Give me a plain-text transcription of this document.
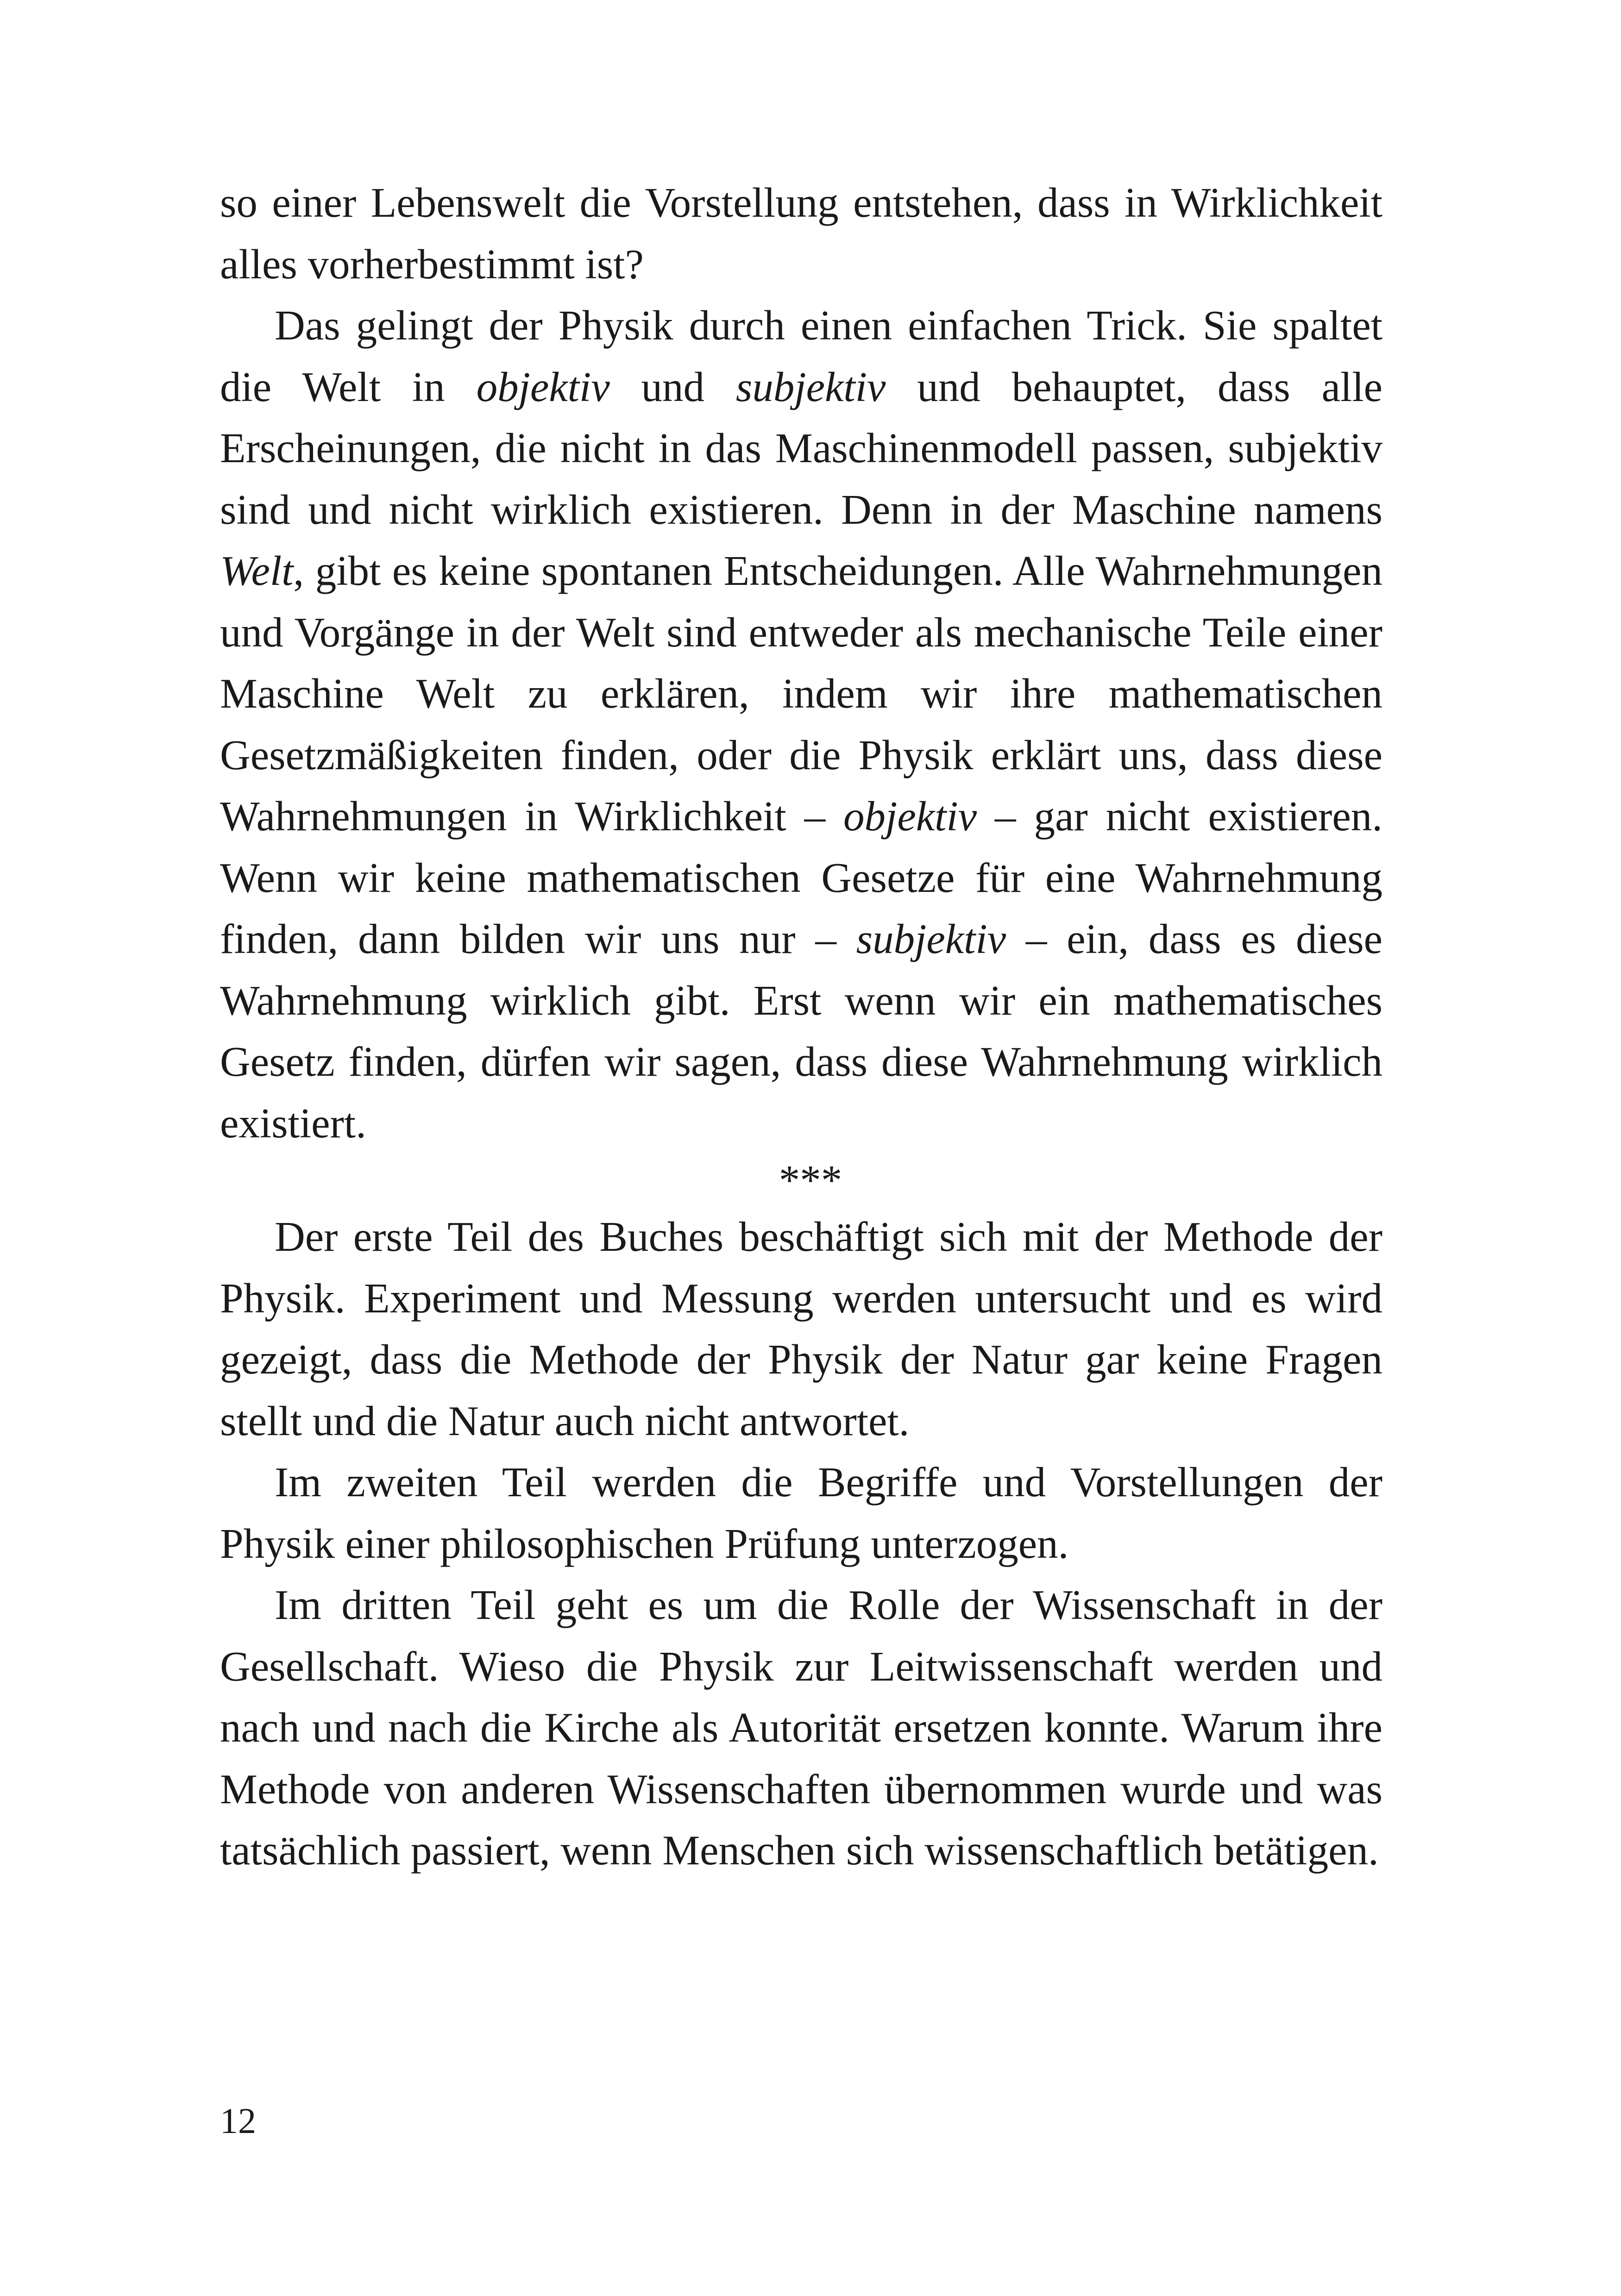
so einer Lebenswelt die Vorstellung entstehen, dass in Wirklichkeit alles vorherbestimmt ist?

Das gelingt der Physik durch einen einfachen Trick. Sie spaltet die Welt in objektiv und subjektiv und behauptet, dass alle Erscheinungen, die nicht in das Maschinenmodell passen, subjektiv sind und nicht wirklich existieren. Denn in der Maschine namens Welt, gibt es keine spontanen Entscheidungen. Alle Wahrnehmungen und Vorgänge in der Welt sind entweder als mechanische Teile einer Maschine Welt zu erklären, indem wir ihre mathematischen Gesetzmäßigkeiten finden, oder die Physik erklärt uns, dass diese Wahrnehmungen in Wirklichkeit – objektiv – gar nicht existieren. Wenn wir keine mathematischen Gesetze für eine Wahrnehmung finden, dann bilden wir uns nur – subjektiv – ein, dass es diese Wahrnehmung wirklich gibt. Erst wenn wir ein mathematisches Gesetz finden, dürfen wir sagen, dass diese Wahrnehmung wirklich existiert.

***

Der erste Teil des Buches beschäftigt sich mit der Methode der Physik. Experiment und Messung werden untersucht und es wird gezeigt, dass die Methode der Physik der Natur gar keine Fragen stellt und die Natur auch nicht antwortet.

Im zweiten Teil werden die Begriffe und Vorstellungen der Physik einer philosophischen Prüfung unterzogen.

Im dritten Teil geht es um die Rolle der Wissenschaft in der Gesellschaft. Wieso die Physik zur Leitwissenschaft werden und nach und nach die Kirche als Autorität ersetzen konnte. Warum ihre Methode von anderen Wissenschaften übernommen wurde und was tatsächlich passiert, wenn Menschen sich wissenschaftlich betätigen.

12
